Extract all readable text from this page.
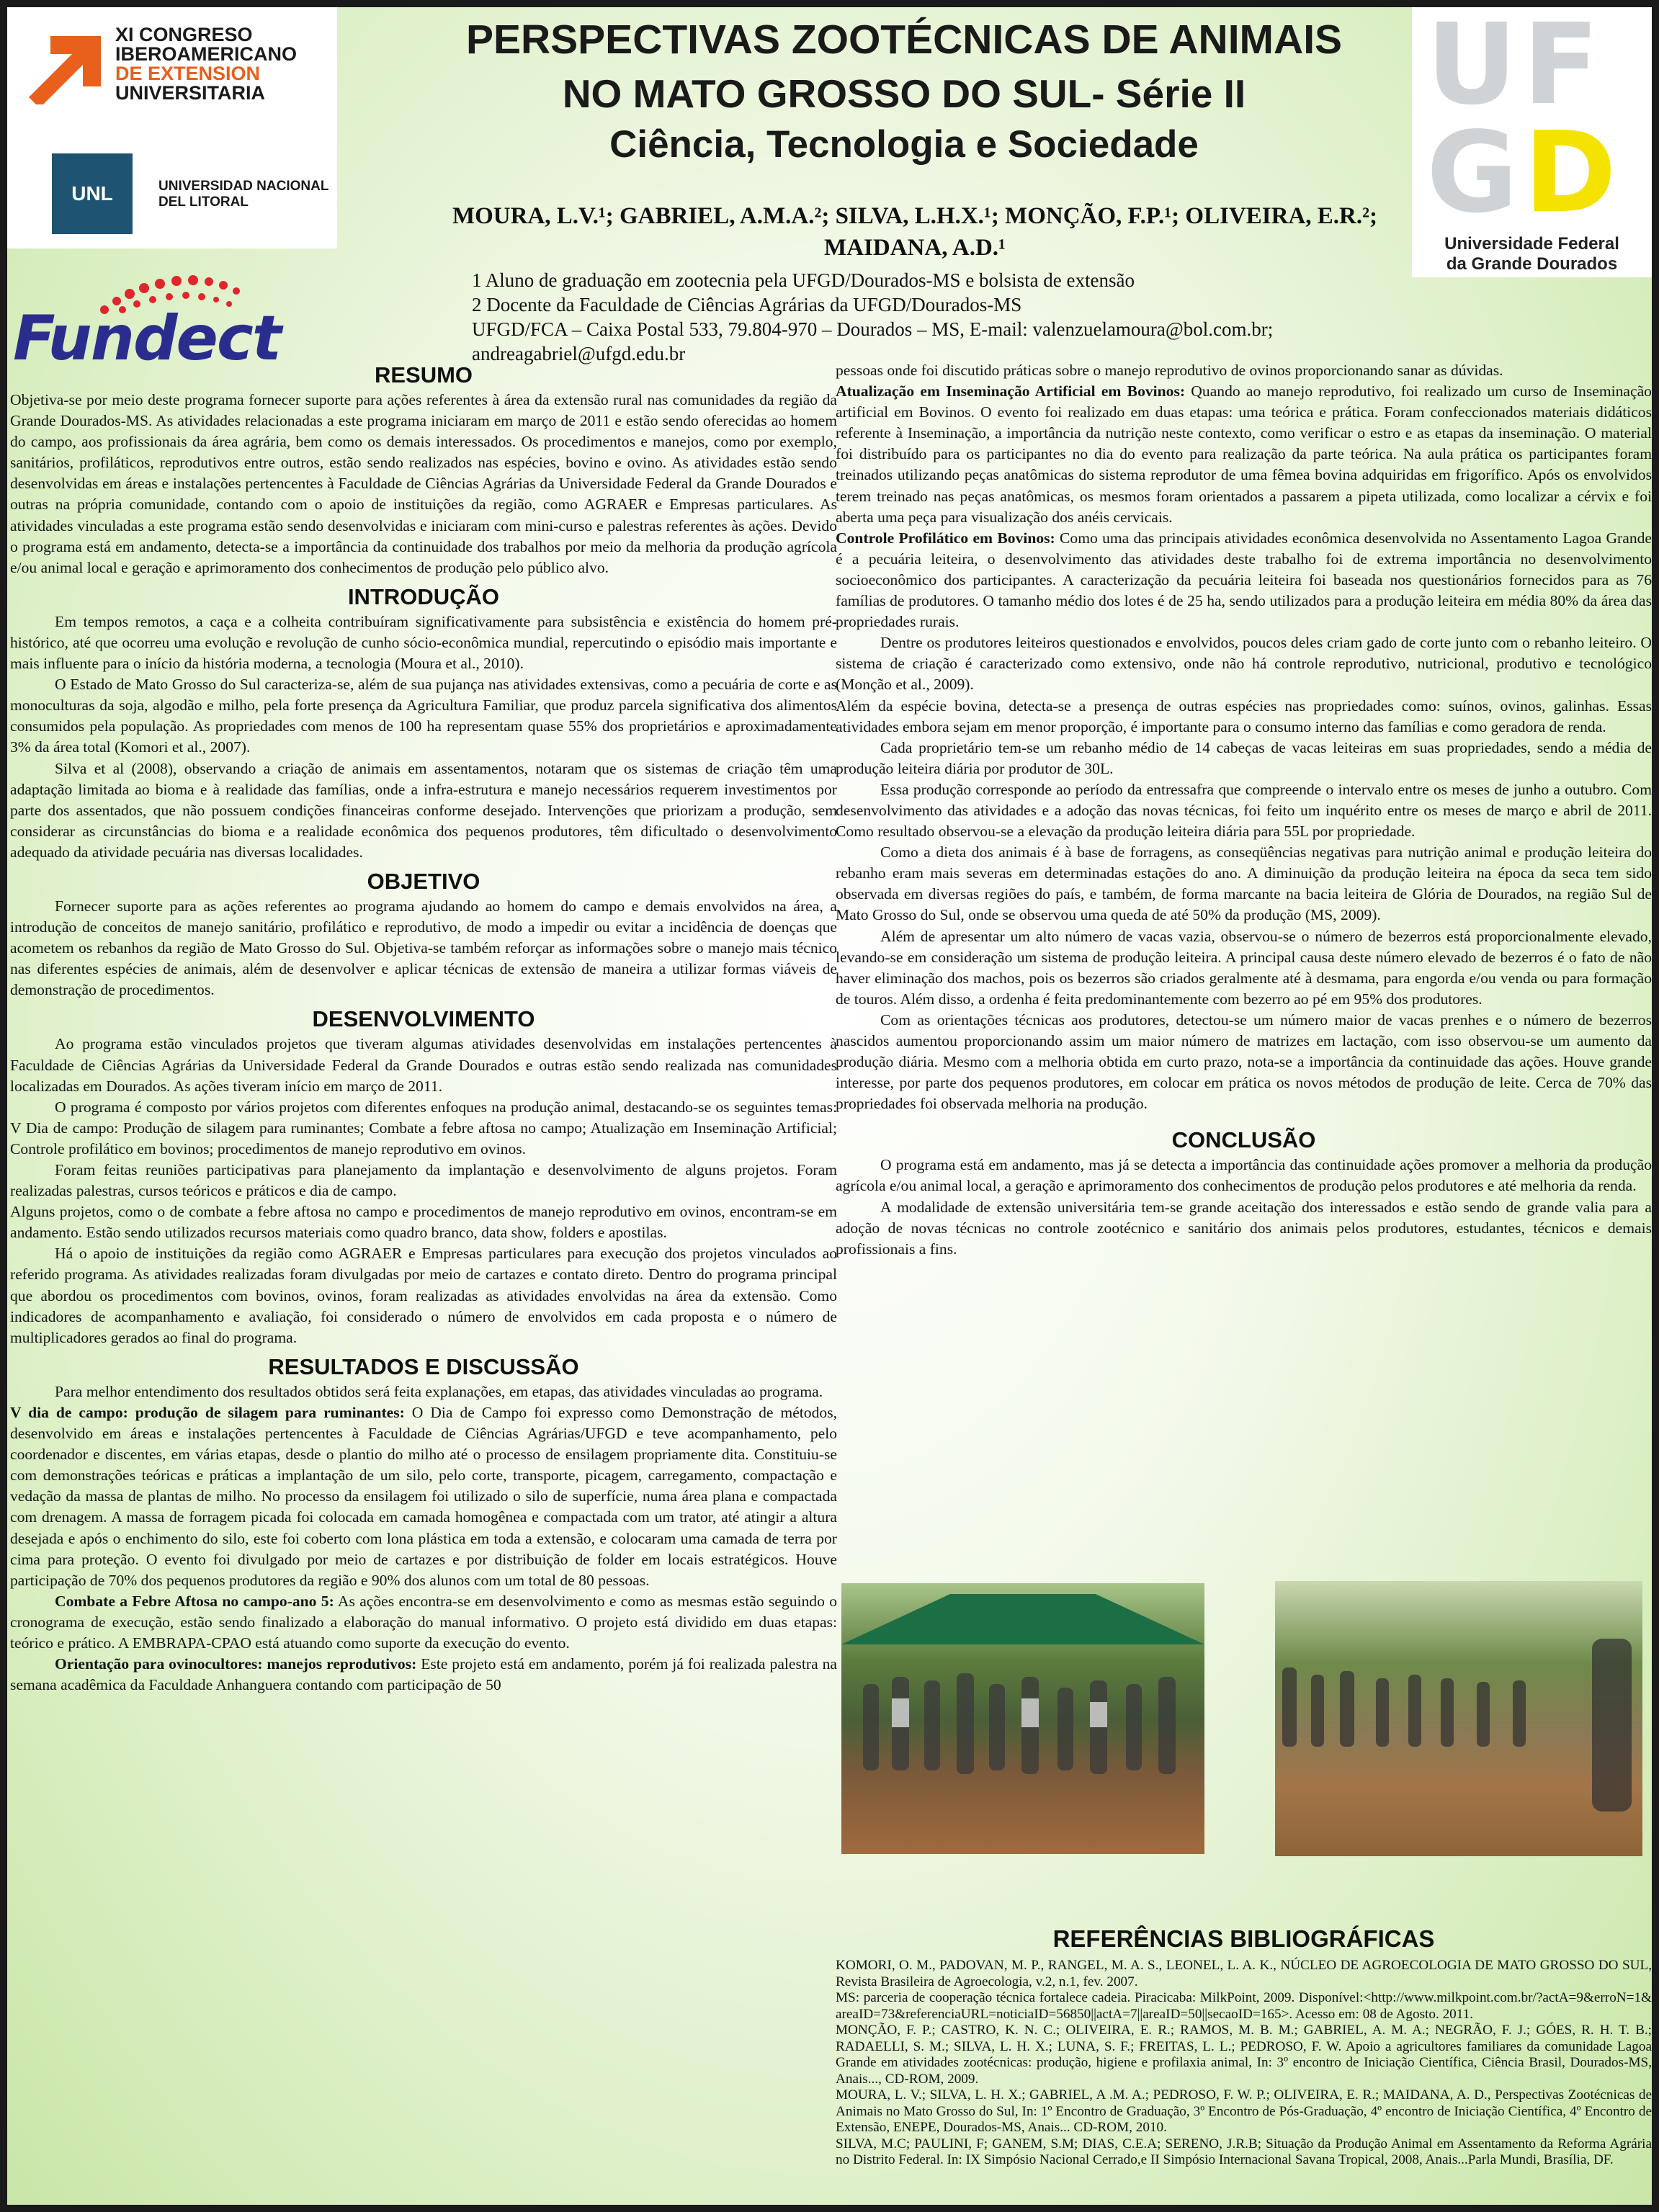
XI CONGRESO
IBEROAMERICANO
DE EXTENSION
UNIVERSITARIA
UNL	UNIVERSIDAD NACIONAL
DEL LITORAL
Fundect
UF
GD
Universidade Federal
da Grande Dourados
PERSPECTIVAS ZOOTÉCNICAS DE ANIMAIS
NO MATO GROSSO DO SUL- Série II
Ciência, Tecnologia e Sociedade
MOURA, L.V.¹; GABRIEL, A.M.A.²; SILVA, L.H.X.¹; MONÇÃO, F.P.¹; OLIVEIRA, E.R.²;
MAIDANA, A.D.¹
1 Aluno de graduação em zootecnia pela UFGD/Dourados-MS e bolsista de extensão
2 Docente da Faculdade de Ciências Agrárias da UFGD/Dourados-MS
UFGD/FCA – Caixa Postal 533, 79.804-970 – Dourados – MS, E-mail: valenzuelamoura@bol.com.br;
andreagabriel@ufgd.edu.br
RESUMO

Objetiva-se por meio deste programa fornecer suporte para ações referentes à área da extensão rural nas comunidades da região da Grande Dourados-MS. As atividades relacionadas a este programa iniciaram em março de 2011 e estão sendo oferecidas ao homem do campo, aos profissionais da área agrária, bem como os demais interessados. Os procedimentos e manejos, como por exemplo, sanitários, profiláticos, reprodutivos entre outros, estão sendo realizados nas espécies, bovino e ovino. As atividades estão sendo desenvolvidas em áreas e instalações pertencentes à Faculdade de Ciências Agrárias da Universidade Federal da Grande Dourados e outras na própria comunidade, contando com o apoio de instituições da região, como AGRAER e Empresas particulares. As atividades vinculadas a este programa estão sendo desenvolvidas e iniciaram com mini-curso e palestras referentes às ações. Devido o programa está em andamento, detecta-se a importância da continuidade dos trabalhos por meio da melhoria da produção agrícola e/ou animal local e geração e aprimoramento dos conhecimentos de produção pelo público alvo.

INTRODUÇÃO

Em tempos remotos, a caça e a colheita contribuíram significativamente para subsistência e existência do homem pré-histórico, até que ocorreu uma evolução e revolução de cunho sócio-econômica mundial, repercutindo o episódio mais importante e mais influente para o início da história moderna, a tecnologia (Moura et al., 2010).

O Estado de Mato Grosso do Sul caracteriza-se, além de sua pujança nas atividades extensivas, como a pecuária de corte e as monoculturas da soja, algodão e milho, pela forte presença da Agricultura Familiar, que produz parcela significativa dos alimentos consumidos pela população. As propriedades com menos de 100 ha representam quase 55% dos proprietários e aproximadamente 3% da área total (Komori et al., 2007).

Silva et al (2008), observando a criação de animais em assentamentos, notaram que os sistemas de criação têm uma adaptação limitada ao bioma e à realidade das famílias, onde a infra-estrutura e manejo necessários requerem investimentos por parte dos assentados, que não possuem condições financeiras conforme desejado. Intervenções que priorizam a produção, sem considerar as circunstâncias do bioma e a realidade econômica dos pequenos produtores, têm dificultado o desenvolvimento adequado da atividade pecuária nas diversas localidades.

OBJETIVO

Fornecer suporte para as ações referentes ao programa ajudando ao homem do campo e demais envolvidos na área, a introdução de conceitos de manejo sanitário, profilático e reprodutivo, de modo a impedir ou evitar a incidência de doenças que acometem os rebanhos da região de Mato Grosso do Sul. Objetiva-se também reforçar as informações sobre o manejo mais técnico nas diferentes espécies de animais, além de desenvolver e aplicar técnicas de extensão de maneira a utilizar formas viáveis de demonstração de procedimentos.

DESENVOLVIMENTO

Ao programa estão vinculados projetos que tiveram algumas atividades desenvolvidas em instalações pertencentes à Faculdade de Ciências Agrárias da Universidade Federal da Grande Dourados e outras estão sendo realizada nas comunidades localizadas em Dourados. As ações tiveram início em março de 2011.

O programa é composto por vários projetos com diferentes enfoques na produção animal, destacando-se os seguintes temas: V Dia de campo: Produção de silagem para ruminantes; Combate a febre aftosa no campo; Atualização em Inseminação Artificial; Controle profilático em bovinos; procedimentos de manejo reprodutivo em ovinos.

Foram feitas reuniões participativas para planejamento da implantação e desenvolvimento de alguns projetos. Foram realizadas palestras, cursos teóricos e práticos e dia de campo.

Alguns projetos, como o de combate a febre aftosa no campo e procedimentos de manejo reprodutivo em ovinos, encontram-se em andamento. Estão sendo utilizados recursos materiais como quadro branco, data show, folders e apostilas.

Há o apoio de instituições da região como AGRAER e Empresas particulares para execução dos projetos vinculados ao referido programa. As atividades realizadas foram divulgadas por meio de cartazes e contato direto. Dentro do programa principal que abordou os procedimentos com bovinos, ovinos, foram realizadas as atividades envolvidas na área da extensão. Como indicadores de acompanhamento e avaliação, foi considerado o número de envolvidos em cada proposta e o número de multiplicadores gerados ao final do programa.

RESULTADOS E DISCUSSÃO

Para melhor entendimento dos resultados obtidos será feita explanações, em etapas, das atividades vinculadas ao programa.

V dia de campo: produção de silagem para ruminantes: O Dia de Campo foi expresso como Demonstração de métodos, desenvolvido em áreas e instalações pertencentes à Faculdade de Ciências Agrárias/UFGD e teve acompanhamento, pelo coordenador e discentes, em várias etapas, desde o plantio do milho até o processo de ensilagem propriamente dita. Constituiu-se com demonstrações teóricas e práticas a implantação de um silo, pelo corte, transporte, picagem, carregamento, compactação e vedação da massa de plantas de milho. No processo da ensilagem foi utilizado o silo de superfície, numa área plana e compactada com drenagem. A massa de forragem picada foi colocada em camada homogênea e compactada com um trator, até atingir a altura desejada e após o enchimento do silo, este foi coberto com lona plástica em toda a extensão, e colocaram uma camada de terra por cima para proteção. O evento foi divulgado por meio de cartazes e por distribuição de folder em locais estratégicos. Houve participação de 70% dos pequenos produtores da região e 90% dos alunos com um total de 80 pessoas.

Combate a Febre Aftosa no campo-ano 5: As ações encontra-se em desenvolvimento e como as mesmas estão seguindo o cronograma de execução, estão sendo finalizado a elaboração do manual informativo. O projeto está dividido em duas etapas: teórico e prático. A EMBRAPA-CPAO está atuando como suporte da execução do evento.

Orientação para ovinocultores: manejos reprodutivos: Este projeto está em andamento, porém já foi realizada palestra na semana acadêmica da Faculdade Anhanguera contando com participação de 50

pessoas onde foi discutido práticas sobre o manejo reprodutivo de ovinos proporcionando sanar as dúvidas.

Atualização em Inseminação Artificial em Bovinos: Quando ao manejo reprodutivo, foi realizado um curso de Inseminação artificial em Bovinos. O evento foi realizado em duas etapas: uma teórica e prática. Foram confeccionados materiais didáticos referente à Inseminação, a importância da nutrição neste contexto, como verificar o estro e as etapas da inseminação. O material foi distribuído para os participantes no dia do evento para realização da parte teórica. Na aula prática os participantes foram treinados utilizando peças anatômicas do sistema reprodutor de uma fêmea bovina adquiridas em frigorífico. Após os envolvidos terem treinado nas peças anatômicas, os mesmos foram orientados a passarem a pipeta utilizada, como localizar a cérvix e foi aberta uma peça para visualização dos anéis cervicais.

Controle Profilático em Bovinos: Como uma das principais atividades econômica desenvolvida no Assentamento Lagoa Grande é a pecuária leiteira, o desenvolvimento das atividades deste trabalho foi de extrema importância no desenvolvimento socioeconômico dos participantes. A caracterização da pecuária leiteira foi baseada nos questionários fornecidos para as 76 famílias de produtores. O tamanho médio dos lotes é de 25 ha, sendo utilizados para a produção leiteira em média 80% da área das propriedades rurais.

Dentre os produtores leiteiros questionados e envolvidos, poucos deles criam gado de corte junto com o rebanho leiteiro. O sistema de criação é caracterizado como extensivo, onde não há controle reprodutivo, nutricional, produtivo e tecnológico (Monção et al., 2009).

Além da espécie bovina, detecta-se a presença de outras espécies nas propriedades como: suínos, ovinos, galinhas. Essas atividades embora sejam em menor proporção, é importante para o consumo interno das famílias e como geradora de renda.

Cada proprietário tem-se um rebanho médio de 14 cabeças de vacas leiteiras em suas propriedades, sendo a média de produção leiteira diária por produtor de 30L.

Essa produção corresponde ao período da entressafra que compreende o intervalo entre os meses de junho a outubro. Com desenvolvimento das atividades e a adoção das novas técnicas, foi feito um inquérito entre os meses de março e abril de 2011. Como resultado observou-se a elevação da produção leiteira diária para 55L por propriedade.

Como a dieta dos animais é à base de forragens, as conseqüências negativas para nutrição animal e produção leiteira do rebanho eram mais severas em determinadas estações do ano. A diminuição da produção leiteira na época da seca tem sido observada em diversas regiões do país, e também, de forma marcante na bacia leiteira de Glória de Dourados, na região Sul de Mato Grosso do Sul, onde se observou uma queda de até 50% da produção (MS, 2009).

Além de apresentar um alto número de vacas vazia, observou-se o número de bezerros está proporcionalmente elevado, levando-se em consideração um sistema de produção leiteira. A principal causa deste número elevado de bezerros é o fato de não haver eliminação dos machos, pois os bezerros são criados geralmente até à desmama, para engorda e/ou venda ou para formação de touros. Além disso, a ordenha é feita predominantemente com bezerro ao pé em 95% dos produtores.

Com as orientações técnicas aos produtores, detectou-se um número maior de vacas prenhes e o número de bezerros nascidos aumentou proporcionando assim um maior número de matrizes em lactação, com isso observou-se um aumento da produção diária. Mesmo com a melhoria obtida em curto prazo, nota-se a importância da continuidade das ações. Houve grande interesse, por parte dos pequenos produtores, em colocar em prática os novos métodos de produção de leite. Cerca de 70% das propriedades foi observada melhoria na produção.

CONCLUSÃO

O programa está em andamento, mas já se detecta a importância das continuidade ações promover a melhoria da produção agrícola e/ou animal local, a geração e aprimoramento dos conhecimentos de produção pelos produtores e até melhoria da renda.

A modalidade de extensão universitária tem-se grande aceitação dos interessados e estão sendo de grande valia para a adoção de novas técnicas no controle zootécnico e sanitário dos animais pelos produtores, estudantes, técnicos e demais profissionais a fins.

REFERÊNCIAS BIBLIOGRÁFICAS

KOMORI, O. M., PADOVAN, M. P., RANGEL, M. A. S., LEONEL, L. A. K., NÚCLEO DE AGROECOLOGIA DE MATO GROSSO DO SUL, Revista Brasileira de Agroecologia, v.2, n.1, fev. 2007.

MS: parceria de cooperação técnica fortalece cadeia. Piracicaba: MilkPoint, 2009. Disponível:<http://www.milkpoint.com.br/?actA=9&erroN=1&areaID=73&referenciaURL=noticiaID=56850||actA=7||areaID=50||secaoID=165>. Acesso em: 08 de Agosto. 2011.

MONÇÃO, F. P.; CASTRO, K. N. C.; OLIVEIRA, E. R.; RAMOS, M. B. M.; GABRIEL, A. M. A.; NEGRÃO, F. J.; GÓES, R. H. T. B.; RADAELLI, S. M.; SILVA, L. H. X.; LUNA, S. F.; FREITAS, L. L.; PEDROSO, F. W. Apoio a agricultores familiares da comunidade Lagoa Grande em atividades zootécnicas: produção, higiene e profilaxia animal, In: 3º encontro de Iniciação Científica, Ciência Brasil, Dourados-MS, Anais..., CD-ROM, 2009.

MOURA, L. V.; SILVA, L. H. X.; GABRIEL, A .M. A.; PEDROSO, F. W. P.; OLIVEIRA, E. R.; MAIDANA, A. D., Perspectivas Zootécnicas de Animais no Mato Grosso do Sul, In: 1º Encontro de Graduação, 3º Encontro de Pós-Graduação, 4º encontro de Iniciação Científica, 4º Encontro de Extensão, ENEPE, Dourados-MS, Anais... CD-ROM, 2010.

SILVA, M.C; PAULINI, F; GANEM, S.M; DIAS, C.E.A; SERENO, J.R.B; Situação da Produção Animal em Assentamento da Reforma Agrária no Distrito Federal. In: IX Simpósio Nacional Cerrado,e II Simpósio Internacional Savana Tropical, 2008, Anais...Parla Mundi, Brasília, DF.
